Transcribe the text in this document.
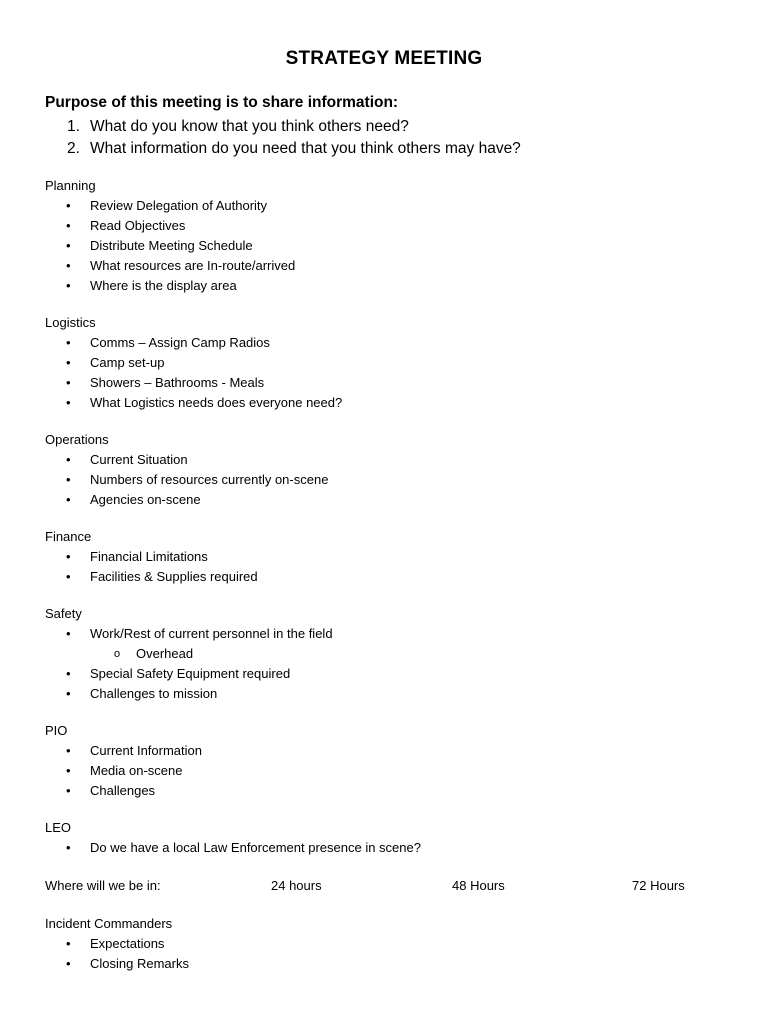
STRATEGY MEETING
Purpose of this meeting is to share information:
1. What do you know that you think others need?
2. What information do you need that you think others may have?
Planning
• Review Delegation of Authority
• Read Objectives
• Distribute Meeting Schedule
• What resources are In-route/arrived
• Where is the display area
Logistics
• Comms – Assign Camp Radios
• Camp set-up
• Showers – Bathrooms - Meals
• What Logistics needs does everyone need?
Operations
• Current Situation
• Numbers of resources currently on-scene
• Agencies on-scene
Finance
• Financial Limitations
• Facilities & Supplies required
Safety
• Work/Rest of current personnel in the field
o Overhead
• Special Safety Equipment required
• Challenges to mission
PIO
• Current Information
• Media on-scene
• Challenges
LEO
• Do we have a local Law Enforcement presence in scene?
Where will we be in:	24 hours	48 Hours	72 Hours
Incident Commanders
• Expectations
• Closing Remarks
